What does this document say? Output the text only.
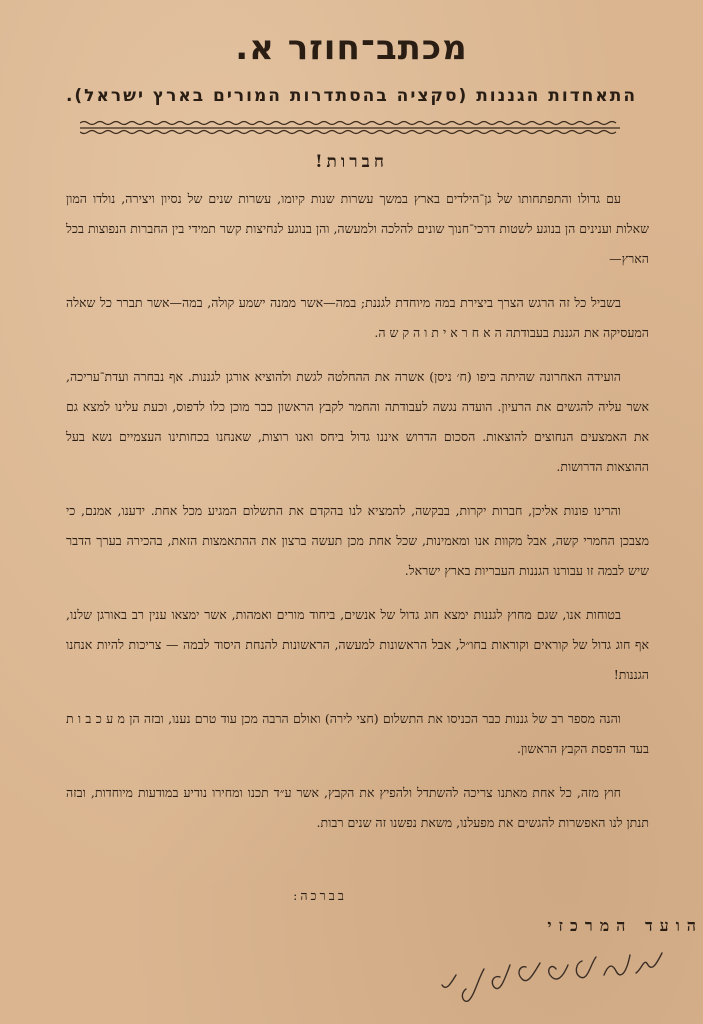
מכתב־חוזר א.
התאחדות הגננות (סקציה בהסתדרות המורים בארץ ישראל).
חברות!

עם גדולו והתפתחותו של גן־הילדים בארץ במשך עשרות שנות קיומו, עשרות שנים של נסיון ויצירה, נולדו המון שאלות וענינים הן בנוגע לשטות דרכי־חנוך שונים להלכה ולמעשה, והן בנוגע לנחיצות קשר תמידי בין החברות הנפוצות בכל הארץ—

בשביל כל זה הרגש הצרך ביצירת במה מיוחדת לגננת; במה—אשר ממנה ישמע קולה, במה—אשר תברר כל שאלה המעסיקה את הגננת בעבודתה ה א ח ר א י ת ו ה ק ש ה.

הועידה האחרונה שהיתה ביפו (ח׳ ניסן) אשרה את ההחלטה לגשת ולהוציא אורגן לגננות. אף נבחרה ועדת־עריכה, אשר עליה להגשים את הרעיון. הועדה נגשה לעבודתה והחמר לקבץ הראשון כבר מוכן כלו לדפוס, וכעת עלינו למצא גם את האמצעים הנחוצים להוצאות. הסכום הדרוש איננו גדול ביחס ואנו רוצות, שאנחנו בכחותינו העצמיים נשא בעל ההוצאות הדרושות.

והרינו פונות אליכן, חברות יקרות, בבקשה, להמציא לנו בהקדם את התשלום המגיע מכל אחת. ידענו, אמנם, כי מצבכן החמרי קשה, אבל מקוות אנו ומאמינות, שכל אחת מכן תעשה ברצון את ההתאמצות הזאת, בהכירה בערך הדבר שיש לבמה זו עבורנו הגננות העבריות בארץ ישראל.

בטוחות אנו, שגם מחוץ לגננות ימצא חוג גדול של אנשים, ביחוד מורים ואמהות, אשר ימצאו ענין רב באורגן שלנו, אף חוג גדול של קוראים וקוראות בחו״ל, אבל הראשונות למעשה, הראשונות להנחת היסוד לבמה — צריכות להיות אנחנו הגננות!

והנה מספר רב של גננות כבר הכניסו את התשלום (חצי לירה) ואולם הרבה מכן עוד טרם נענו, ובזה הן מ ע כ ב ו ת בעד הדפסת הקבץ הראשון.

חוץ מזה, כל אחת מאתנו צריכה להשתדל ולהפיץ את הקבץ, אשר ע״ד תכנו ומחירו נודיע במודעות מיוחדות, ובזה תנתן לנו האפשרות להגשים את מפעלנו, משאת נפשנו זה שנים רבות.

בברכה:
הועד המרכזי
